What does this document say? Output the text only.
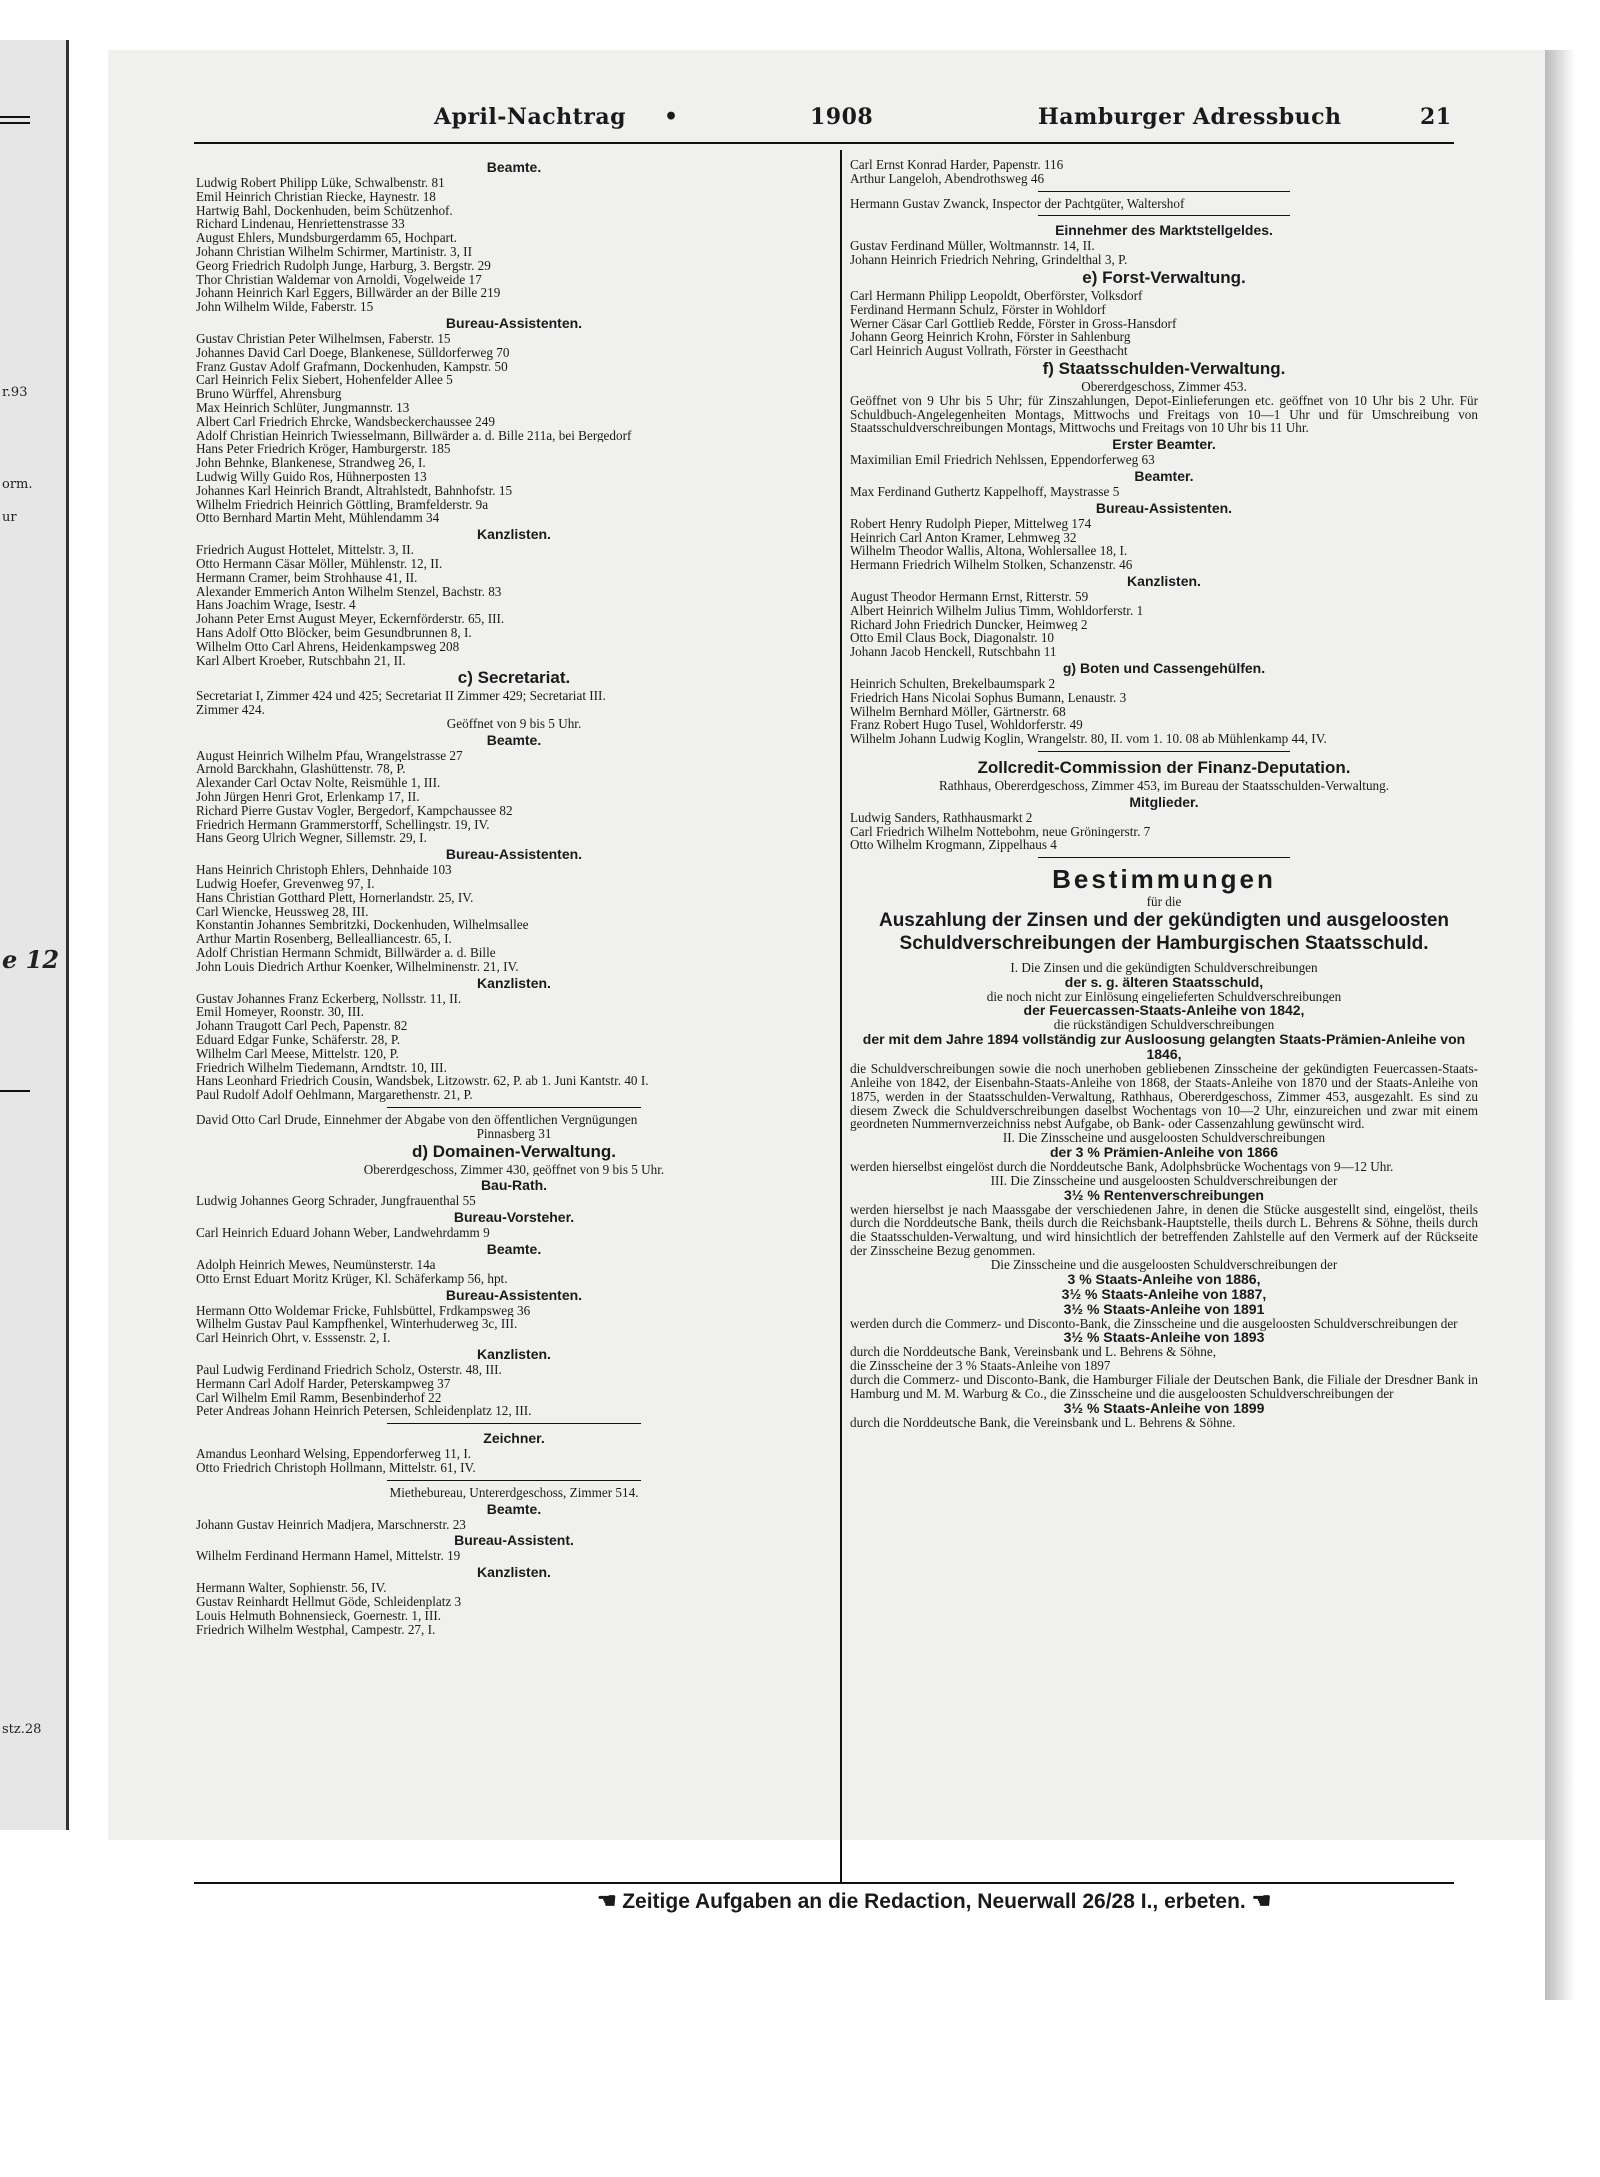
r.93
orm.
ur
e 12
stz.28
April-Nachtrag •	1908	Hamburger Adressbuch	21
Beamte.
Ludwig Robert Philipp Lüke, Schwalbenstr. 81
Emil Heinrich Christian Riecke, Haynestr. 18
Hartwig Bahl, Dockenhuden, beim Schützenhof.
Richard Lindenau, Henriettenstrasse 33
August Ehlers, Mundsburgerdamm 65, Hochpart.
Johann Christian Wilhelm Schirmer, Martinistr. 3, II
Georg Friedrich Rudolph Junge, Harburg, 3. Bergstr. 29
Thor Christian Waldemar von Arnoldi, Vogelweide 17
Johann Heinrich Karl Eggers, Billwärder an der Bille 219
John Wilhelm Wilde, Faberstr. 15
Bureau-Assistenten.
Gustav Christian Peter Wilhelmsen, Faberstr. 15
Johannes David Carl Doege, Blankenese, Sülldorferweg 70
Franz Gustav Adolf Grafmann, Dockenhuden, Kampstr. 50
Carl Heinrich Felix Siebert, Hohenfelder Allee 5
Bruno Würffel, Ahrensburg
Max Heinrich Schlüter, Jungmannstr. 13
Albert Carl Friedrich Ehrcke, Wandsbeckerchaussee 249
Adolf Christian Heinrich Twiesselmann, Billwärder a. d. Bille 211a, bei Bergedorf
Hans Peter Friedrich Kröger, Hamburgerstr. 185
John Behnke, Blankenese, Strandweg 26, I.
Ludwig Willy Guido Ros, Hühnerposten 13
Johannes Karl Heinrich Brandt, Altrahlstedt, Bahnhofstr. 15
Wilhelm Friedrich Heinrich Göttling, Bramfelderstr. 9a
Otto Bernhard Martin Meht, Mühlendamm 34
Kanzlisten.
Friedrich August Hottelet, Mittelstr. 3, II.
Otto Hermann Cäsar Möller, Mühlenstr. 12, II.
Hermann Cramer, beim Strohhause 41, II.
Alexander Emmerich Anton Wilhelm Stenzel, Bachstr. 83
Hans Joachim Wrage, Isestr. 4
Johann Peter Ernst August Meyer, Eckernförderstr. 65, III.
Hans Adolf Otto Blöcker, beim Gesundbrunnen 8, I.
Wilhelm Otto Carl Ahrens, Heidenkampsweg 208
Karl Albert Kroeber, Rutschbahn 21, II.
c) Secretariat.
Secretariat I, Zimmer 424 und 425; Secretariat II Zimmer 429; Secretariat III.
Zimmer 424.
Geöffnet von 9 bis 5 Uhr.
Beamte.
August Heinrich Wilhelm Pfau, Wrangelstrasse 27
Arnold Barckhahn, Glashüttenstr. 78, P.
Alexander Carl Octav Nolte, Reismühle 1, III.
John Jürgen Henri Grot, Erlenkamp 17, II.
Richard Pierre Gustav Vogler, Bergedorf, Kampchaussee 82
Friedrich Hermann Grammerstorff, Schellingstr. 19, IV.
Hans Georg Ulrich Wegner, Sillemstr. 29, I.
Bureau-Assistenten.
Hans Heinrich Christoph Ehlers, Dehnhaide 103
Ludwig Hoefer, Grevenweg 97, I.
Hans Christian Gotthard Plett, Hornerlandstr. 25, IV.
Carl Wiencke, Heussweg 28, III.
Konstantin Johannes Sembritzki, Dockenhuden, Wilhelmsallee
Arthur Martin Rosenberg, Bellealliancestr. 65, I.
Adolf Christian Hermann Schmidt, Billwärder a. d. Bille
John Louis Diedrich Arthur Koenker, Wilhelminenstr. 21, IV.
Kanzlisten.
Gustav Johannes Franz Eckerberg, Nollsstr. 11, II.
Emil Homeyer, Roonstr. 30, III.
Johann Traugott Carl Pech, Papenstr. 82
Eduard Edgar Funke, Schäferstr. 28, P.
Wilhelm Carl Meese, Mittelstr. 120, P.
Friedrich Wilhelm Tiedemann, Arndtstr. 10, III.
Hans Leonhard Friedrich Cousin, Wandsbek, Litzowstr. 62, P. ab 1. Juni Kantstr. 40 I.
Paul Rudolf Adolf Oehlmann, Margarethenstr. 21, P.
David Otto Carl Drude, Einnehmer der Abgabe von den öffentlichen Vergnügungen
Pinnasberg 31
d) Domainen-Verwaltung.
Obererdgeschoss, Zimmer 430, geöffnet von 9 bis 5 Uhr.
Bau-Rath.
Ludwig Johannes Georg Schrader, Jungfrauenthal 55
Bureau-Vorsteher.
Carl Heinrich Eduard Johann Weber, Landwehrdamm 9
Beamte.
Adolph Heinrich Mewes, Neumünsterstr. 14a
Otto Ernst Eduart Moritz Krüger, Kl. Schäferkamp 56, hpt.
Bureau-Assistenten.
Hermann Otto Woldemar Fricke, Fuhlsbüttel, Frdkampsweg 36
Wilhelm Gustav Paul Kampfhenkel, Winterhuderweg 3c, III.
Carl Heinrich Ohrt, v. Esssenstr. 2, I.
Kanzlisten.
Paul Ludwig Ferdinand Friedrich Scholz, Osterstr. 48, III.
Hermann Carl Adolf Harder, Peterskampweg 37
Carl Wilhelm Emil Ramm, Besenbinderhof 22
Peter Andreas Johann Heinrich Petersen, Schleidenplatz 12, III.
Zeichner.
Amandus Leonhard Welsing, Eppendorferweg 11, I.
Otto Friedrich Christoph Hollmann, Mittelstr. 61, IV.
Miethebureau, Untererdgeschoss, Zimmer 514.
Beamte.
Johann Gustav Heinrich Madjera, Marschnerstr. 23
Bureau-Assistent.
Wilhelm Ferdinand Hermann Hamel, Mittelstr. 19
Kanzlisten.
Hermann Walter, Sophienstr. 56, IV.
Gustav Reinhardt Hellmut Göde, Schleidenplatz 3
Louis Helmuth Bohnensieck, Goernestr. 1, III.
Friedrich Wilhelm Westphal, Campestr. 27, I.
Carl Ernst Konrad Harder, Papenstr. 116
Arthur Langeloh, Abendrothsweg 46
Hermann Gustav Zwanck, Inspector der Pachtgüter, Waltershof
Einnehmer des Marktstellgeldes.
Gustav Ferdinand Müller, Woltmannstr. 14, II.
Johann Heinrich Friedrich Nehring, Grindelthal 3, P.
e) Forst-Verwaltung.
Carl Hermann Philipp Leopoldt, Oberförster, Volksdorf
Ferdinand Hermann Schulz, Förster in Wohldorf
Werner Cäsar Carl Gottlieb Redde, Förster in Gross-Hansdorf
Johann Georg Heinrich Krohn, Förster in Sahlenburg
Carl Heinrich August Vollrath, Förster in Geesthacht
f) Staatsschulden-Verwaltung.
Obererdgeschoss, Zimmer 453.
Geöffnet von 9 Uhr bis 5 Uhr; für Zinszahlungen, Depot-Einlieferungen etc. geöffnet von 10 Uhr bis 2 Uhr. Für Schuldbuch-Angelegenheiten Montags, Mittwochs und Freitags von 10—1 Uhr und für Umschreibung von Staatsschuldverschreibungen Montags, Mittwochs und Freitags von 10 Uhr bis 11 Uhr.
Erster Beamter.
Maximilian Emil Friedrich Nehlssen, Eppendorferweg 63
Beamter.
Max Ferdinand Guthertz Kappelhoff, Maystrasse 5
Bureau-Assistenten.
Robert Henry Rudolph Pieper, Mittelweg 174
Heinrich Carl Anton Kramer, Lehmweg 32
Wilhelm Theodor Wallis, Altona, Wohlersallee 18, I.
Hermann Friedrich Wilhelm Stolken, Schanzenstr. 46
Kanzlisten.
August Theodor Hermann Ernst, Ritterstr. 59
Albert Heinrich Wilhelm Julius Timm, Wohldorferstr. 1
Richard John Friedrich Duncker, Heimweg 2
Otto Emil Claus Bock, Diagonalstr. 10
Johann Jacob Henckell, Rutschbahn 11
g) Boten und Cassengehülfen.
Heinrich Schulten, Brekelbaumspark 2
Friedrich Hans Nicolai Sophus Bumann, Lenaustr. 3
Wilhelm Bernhard Möller, Gärtnerstr. 68
Franz Robert Hugo Tusel, Wohldorferstr. 49
Wilhelm Johann Ludwig Koglin, Wrangelstr. 80, II. vom 1. 10. 08 ab Mühlenkamp 44, IV.
Zollcredit-Commission der Finanz-Deputation.
Rathhaus, Obererdgeschoss, Zimmer 453, im Bureau der Staatsschulden-Verwaltung.
Mitglieder.
Ludwig Sanders, Rathhausmarkt 2
Carl Friedrich Wilhelm Nottebohm, neue Gröningerstr. 7
Otto Wilhelm Krogmann, Zippelhaus 4
Bestimmungen
für die
Auszahlung der Zinsen und der gekündigten und ausgeloosten Schuldverschreibungen der Hamburgischen Staatsschuld.
I. Die Zinsen und die gekündigten Schuldverschreibungen
der s. g. älteren Staatsschuld,
die noch nicht zur Einlösung eingelieferten Schuldverschreibungen
der Feuercassen-Staats-Anleihe von 1842,
die rückständigen Schuldverschreibungen
der mit dem Jahre 1894 vollständig zur Ausloosung gelangten Staats-Prämien-Anleihe von 1846,
die Schuldverschreibungen sowie die noch unerhoben gebliebenen Zinsscheine der gekündigten Feuercassen-Staats-Anleihe von 1842, der Eisenbahn-Staats-Anleihe von 1868, der Staats-Anleihe von 1870 und der Staats-Anleihe von 1875, werden in der Staatsschulden-Verwaltung, Rathhaus, Obererdgeschoss, Zimmer 453, ausgezahlt. Es sind zu diesem Zweck die Schuldverschreibungen daselbst Wochentags von 10—2 Uhr, einzureichen und zwar mit einem geordneten Nummernverzeichniss nebst Aufgabe, ob Bank- oder Cassenzahlung gewünscht wird.
II. Die Zinsscheine und ausgeloosten Schuldverschreibungen
der 3 % Prämien-Anleihe von 1866
werden hierselbst eingelöst durch die Norddeutsche Bank, Adolphsbrücke Wochentags von 9—12 Uhr.
III. Die Zinsscheine und ausgeloosten Schuldverschreibungen der
3½ % Rentenverschreibungen
werden hierselbst je nach Maassgabe der verschiedenen Jahre, in denen die Stücke ausgestellt sind, eingelöst, theils durch die Norddeutsche Bank, theils durch die Reichsbank-Hauptstelle, theils durch L. Behrens & Söhne, theils durch die Staatsschulden-Verwaltung, und wird hinsichtlich der betreffenden Zahlstelle auf den Vermerk auf der Rückseite der Zinsscheine Bezug genommen.
Die Zinsscheine und die ausgeloosten Schuldverschreibungen der
3 % Staats-Anleihe von 1886,
3½ % Staats-Anleihe von 1887,
3½ % Staats-Anleihe von 1891
werden durch die Commerz- und Disconto-Bank, die Zinsscheine und die ausgeloosten Schuldverschreibungen der
3½ % Staats-Anleihe von 1893
durch die Norddeutsche Bank, Vereinsbank und L. Behrens & Söhne,
die Zinsscheine der 3 % Staats-Anleihe von 1897
durch die Commerz- und Disconto-Bank, die Hamburger Filiale der Deutschen Bank, die Filiale der Dresdner Bank in Hamburg und M. M. Warburg & Co., die Zinsscheine und die ausgeloosten Schuldverschreibungen der
3½ % Staats-Anleihe von 1899
durch die Norddeutsche Bank, die Vereinsbank und L. Behrens & Söhne.
☛ Zeitige Aufgaben an die Redaction, Neuerwall 26/28 I., erbeten. ☚
